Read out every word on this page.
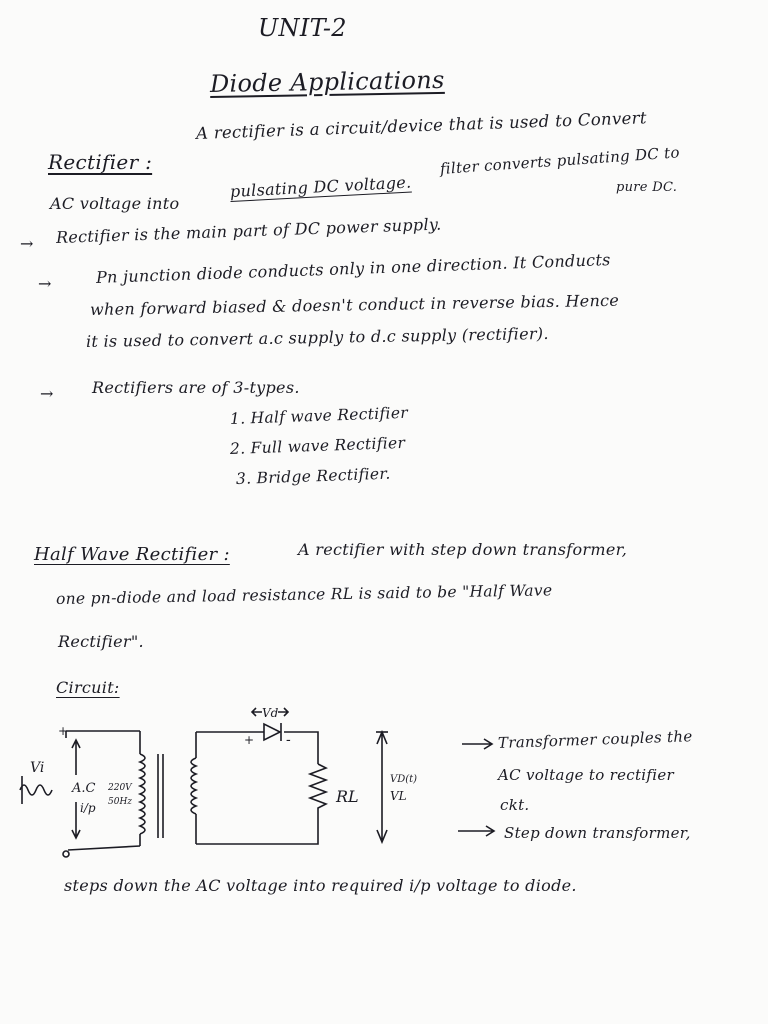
UNIT-2
Diode Applications
Rectifier :
A rectifier is a circuit/device that is used to Convert
AC voltage into
pulsating DC voltage.
filter converts pulsating DC to
pure DC.
→ Rectifier is the main part of DC power supply.
→	Pn junction diode conducts only in one direction. It Conducts
when forward biased & doesn't conduct in reverse bias. Hence
it is used to convert a.c supply to d.c supply (rectifier).
→ Rectifiers are of 3-types.
1. Half wave Rectifier
2. Full wave Rectifier
3. Bridge Rectifier.
Half Wave Rectifier :	A rectifier with step down transformer,
one pn-diode and load resistance RL is said to be "Half Wave
Rectifier".
Circuit:
Vd
Vi
A.C
i/p
220V
50Hz	RL
VD(t)
VL
+ -
+	Transformer couples the
AC voltage to rectifier
ckt.
Step down transformer,
steps down the AC voltage into required i/p voltage to diode.
